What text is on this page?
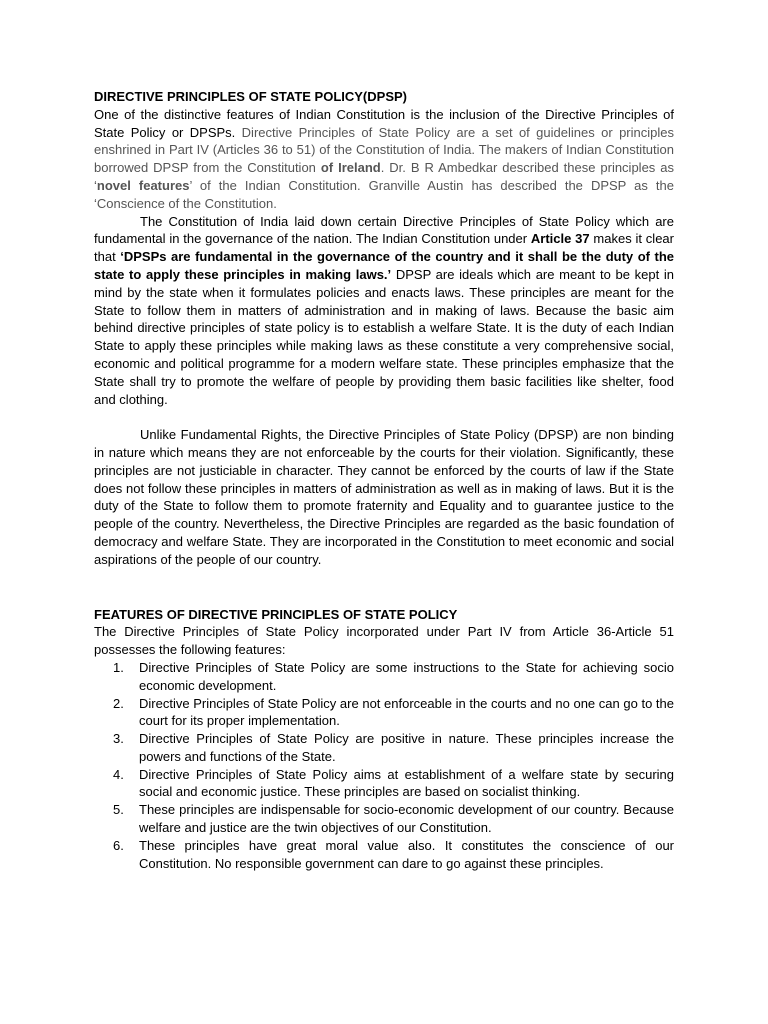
DIRECTIVE PRINCIPLES OF STATE POLICY(DPSP)

One of the distinctive features of Indian Constitution is the inclusion of the Directive Principles of State Policy or DPSPs. Directive Principles of State Policy are a set of guidelines or principles enshrined in Part IV (Articles 36 to 51) of the Constitution of India. The makers of Indian Constitution borrowed DPSP from the Constitution of Ireland. Dr. B R Ambedkar described these principles as ‘novel features’ of the Indian Constitution. Granville Austin has described the DPSP as the ‘Conscience of the Constitution.

The Constitution of India laid down certain Directive Principles of State Policy which are fundamental in the governance of the nation. The Indian Constitution under Article 37 makes it clear that ‘DPSPs are fundamental in the governance of the country and it shall be the duty of the state to apply these principles in making laws.’ DPSP are ideals which are meant to be kept in mind by the state when it formulates policies and enacts laws. These principles are meant for the State to follow them in matters of administration and in making of laws. Because the basic aim behind directive principles of state policy is to establish a welfare State. It is the duty of each Indian State to apply these principles while making laws as these constitute a very comprehensive social, economic and political programme for a modern welfare state. These principles emphasize that the State shall try to promote the welfare of people by providing them basic facilities like shelter, food and clothing.

Unlike Fundamental Rights, the Directive Principles of State Policy (DPSP) are non binding in nature which means they are not enforceable by the courts for their violation. Significantly, these principles are not justiciable in character. They cannot be enforced by the courts of law if the State does not follow these principles in matters of administration as well as in making of laws. But it is the duty of the State to follow them to promote fraternity and Equality and to guarantee justice to the people of the country. Nevertheless, the Directive Principles are regarded as the basic foundation of democracy and welfare State. They are incorporated in the Constitution to meet economic and social aspirations of the people of our country.

FEATURES OF DIRECTIVE PRINCIPLES OF STATE POLICY

The Directive Principles of State Policy incorporated under Part IV from Article 36-Article 51 possesses the following features:

1. Directive Principles of State Policy are some instructions to the State for achieving socio economic development.
2. Directive Principles of State Policy are not enforceable in the courts and no one can go to the court for its proper implementation.
3. Directive Principles of State Policy are positive in nature. These principles increase the powers and functions of the State.
4. Directive Principles of State Policy aims at establishment of a welfare state by securing social and economic justice. These principles are based on socialist thinking.
5. These principles are indispensable for socio-economic development of our country. Because welfare and justice are the twin objectives of our Constitution.
6. These principles have great moral value also. It constitutes the conscience of our Constitution. No responsible government can dare to go against these principles.
